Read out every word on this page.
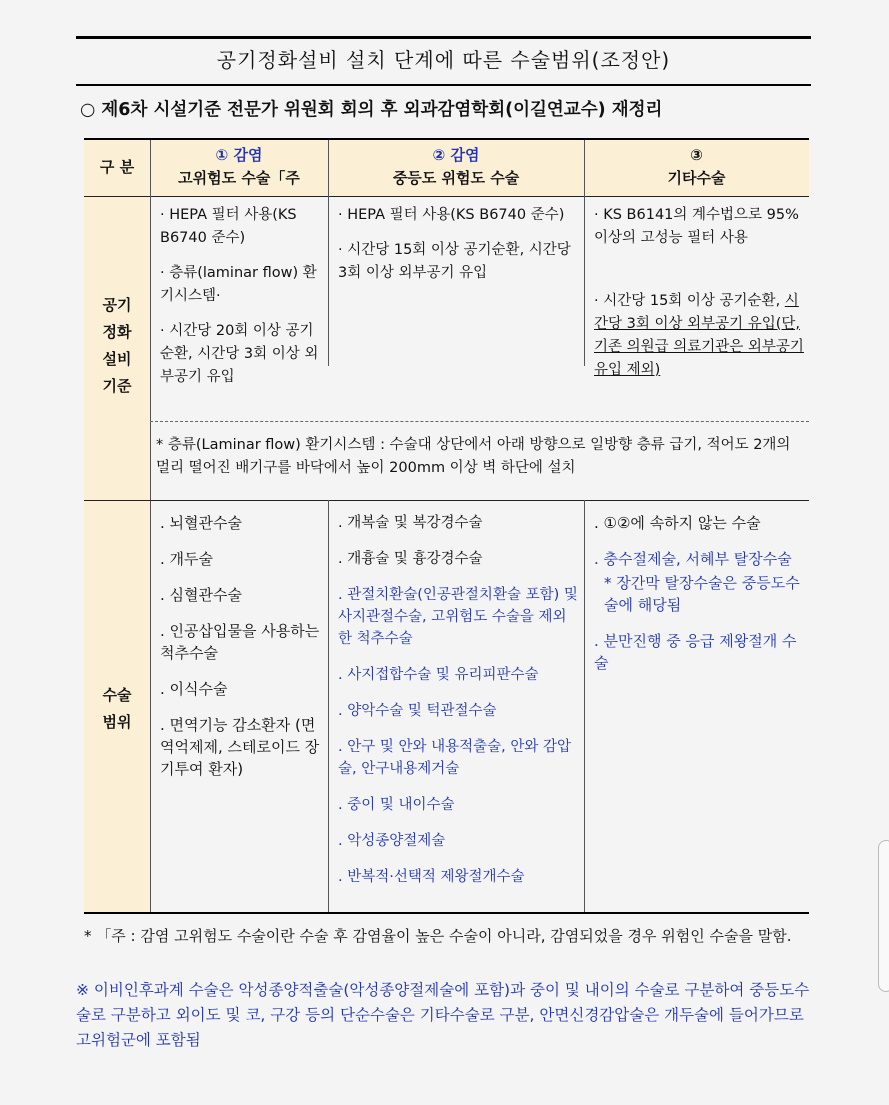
공기정화설비 설치 단계에 따른 수술범위(조정안)
○ 제6차 시설기준 전문가 위원회 회의 후 외과감염학회(이길연교수) 재정리
구 분
① 감염
고위험도 수술「주
② 감염
중등도 위험도 수술
③
기타수술
공기
정화
설비
기준

· HEPA 필터 사용(KS B6740 준수)

· 층류(laminar flow) 환기시스템·

· 시간당 20회 이상 공기순환, 시간당 3회 이상 외부공기 유입

· HEPA 필터 사용(KS B6740 준수)

· 시간당 15회 이상 공기순환, 시간당 3회 이상 외부공기 유입

· KS B6141의 계수법으로 95% 이상의 고성능 필터 사용

· 시간당 15회 이상 공기순환, 시간당 3회 이상 외부공기 유입(단, 기존 의원급 의료기관은 외부공기 유입 제외)

* 층류(Laminar flow) 환기시스템 : 수술대 상단에서 아래 방향으로 일방향 층류 급기, 적어도 2개의 멀리 떨어진 배기구를 바닥에서 높이 200mm 이상 벽 하단에 설치
수술
범위
. 뇌혈관수술
. 개두술
. 심혈관수술
. 인공삽입물을 사용하는 척추수술
. 이식수술
. 면역기능 감소환자 (면역억제제, 스테로이드 장기투여 환자)
. 개복술 및 복강경수술
. 개흉술 및 흉강경수술
. 관절치환술(인공관절치환술 포함) 및 사지관절수술, 고위험도 수술을 제외한 척추수술
. 사지접합수술 및 유리피판수술
. 양악수술 및 턱관절수술
. 안구 및 안와 내용적출술, 안와 감압술, 안구내용제거술
. 중이 및 내이수술
. 악성종양절제술
. 반복적·선택적 제왕절개수술
. ①②에 속하지 않는 수술
. 충수절제술, 서혜부 탈장수술
* 장간막 탈장수술은 중등도수술에 해당됨
. 분만진행 중 응급 제왕절개 수술
* 「주 : 감염 고위험도 수술이란 수술 후 감염율이 높은 수술이 아니라, 감염되었을 경우 위험인 수술을 말함.
※ 이비인후과계 수술은 악성종양적출술(악성종양절제술에 포함)과 중이 및 내이의 수술로 구분하여 중등도수술로 구분하고 외이도 및 코, 구강 등의 단순수술은 기타수술로 구분, 안면신경감압술은 개두술에 들어가므로 고위험군에 포함됨
